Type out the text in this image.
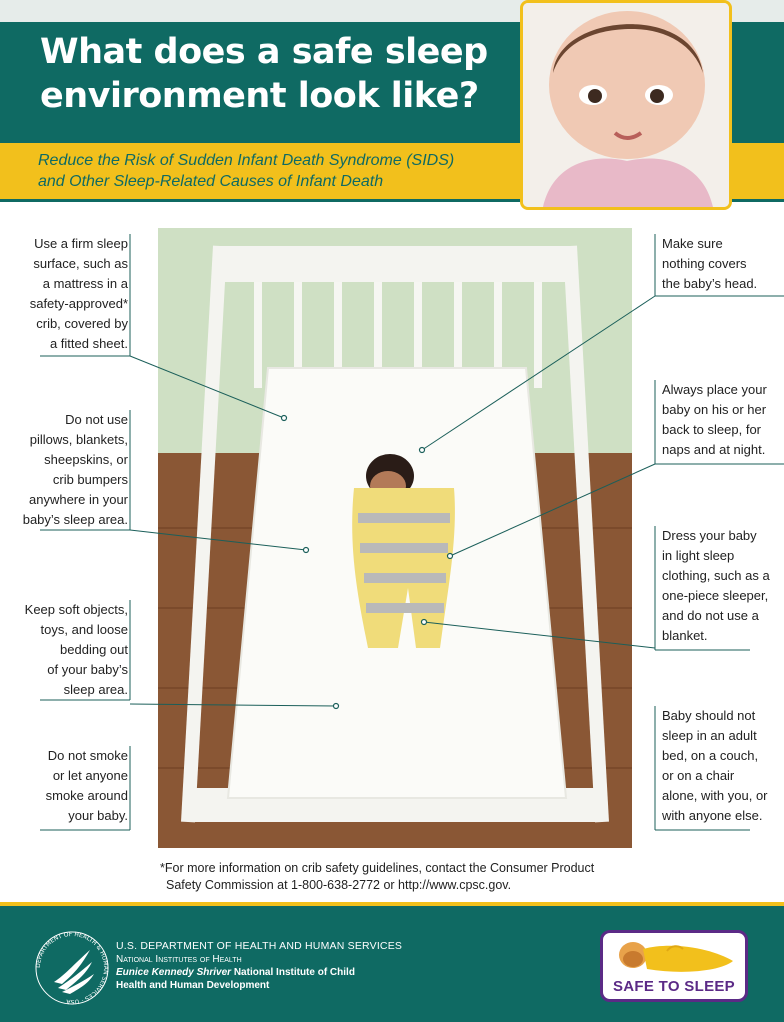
What does a safe sleep
environment look like?
Reduce the Risk of Sudden Infant Death Syndrome (SIDS)
and Other Sleep-Related Causes of Infant Death
Use a firm sleep
surface, such as
a mattress in a
safety-approved*
crib, covered by
a fitted sheet.
Do not use
pillows, blankets,
sheepskins, or
crib bumpers
anywhere in your
baby’s sleep area.
Keep soft objects,
toys, and loose
bedding out
of your baby’s
sleep area.
Do not smoke
or let anyone
smoke around
your baby.
Make sure
nothing covers
the baby’s head.
Always place your
baby on his or her
back to sleep, for
naps and at night.
Dress your baby
in light sleep
clothing, such as a
one-piece sleeper,
and do not use a
blanket.
Baby should not
sleep in an adult
bed, on a couch,
or on a chair
alone, with you, or
with anyone else.
*For more information on crib safety guidelines, contact the Consumer Product
Safety Commission at 1-800-638-2772 or http://www.cpsc.gov.
DEPARTMENT OF HEALTH & HUMAN SERVICES · USA
U.S. DEPARTMENT OF HEALTH AND HUMAN SERVICES
National Institutes of Health
Eunice Kennedy Shriver National Institute of Child
Health and Human Development	SAFE TO SLEEP
